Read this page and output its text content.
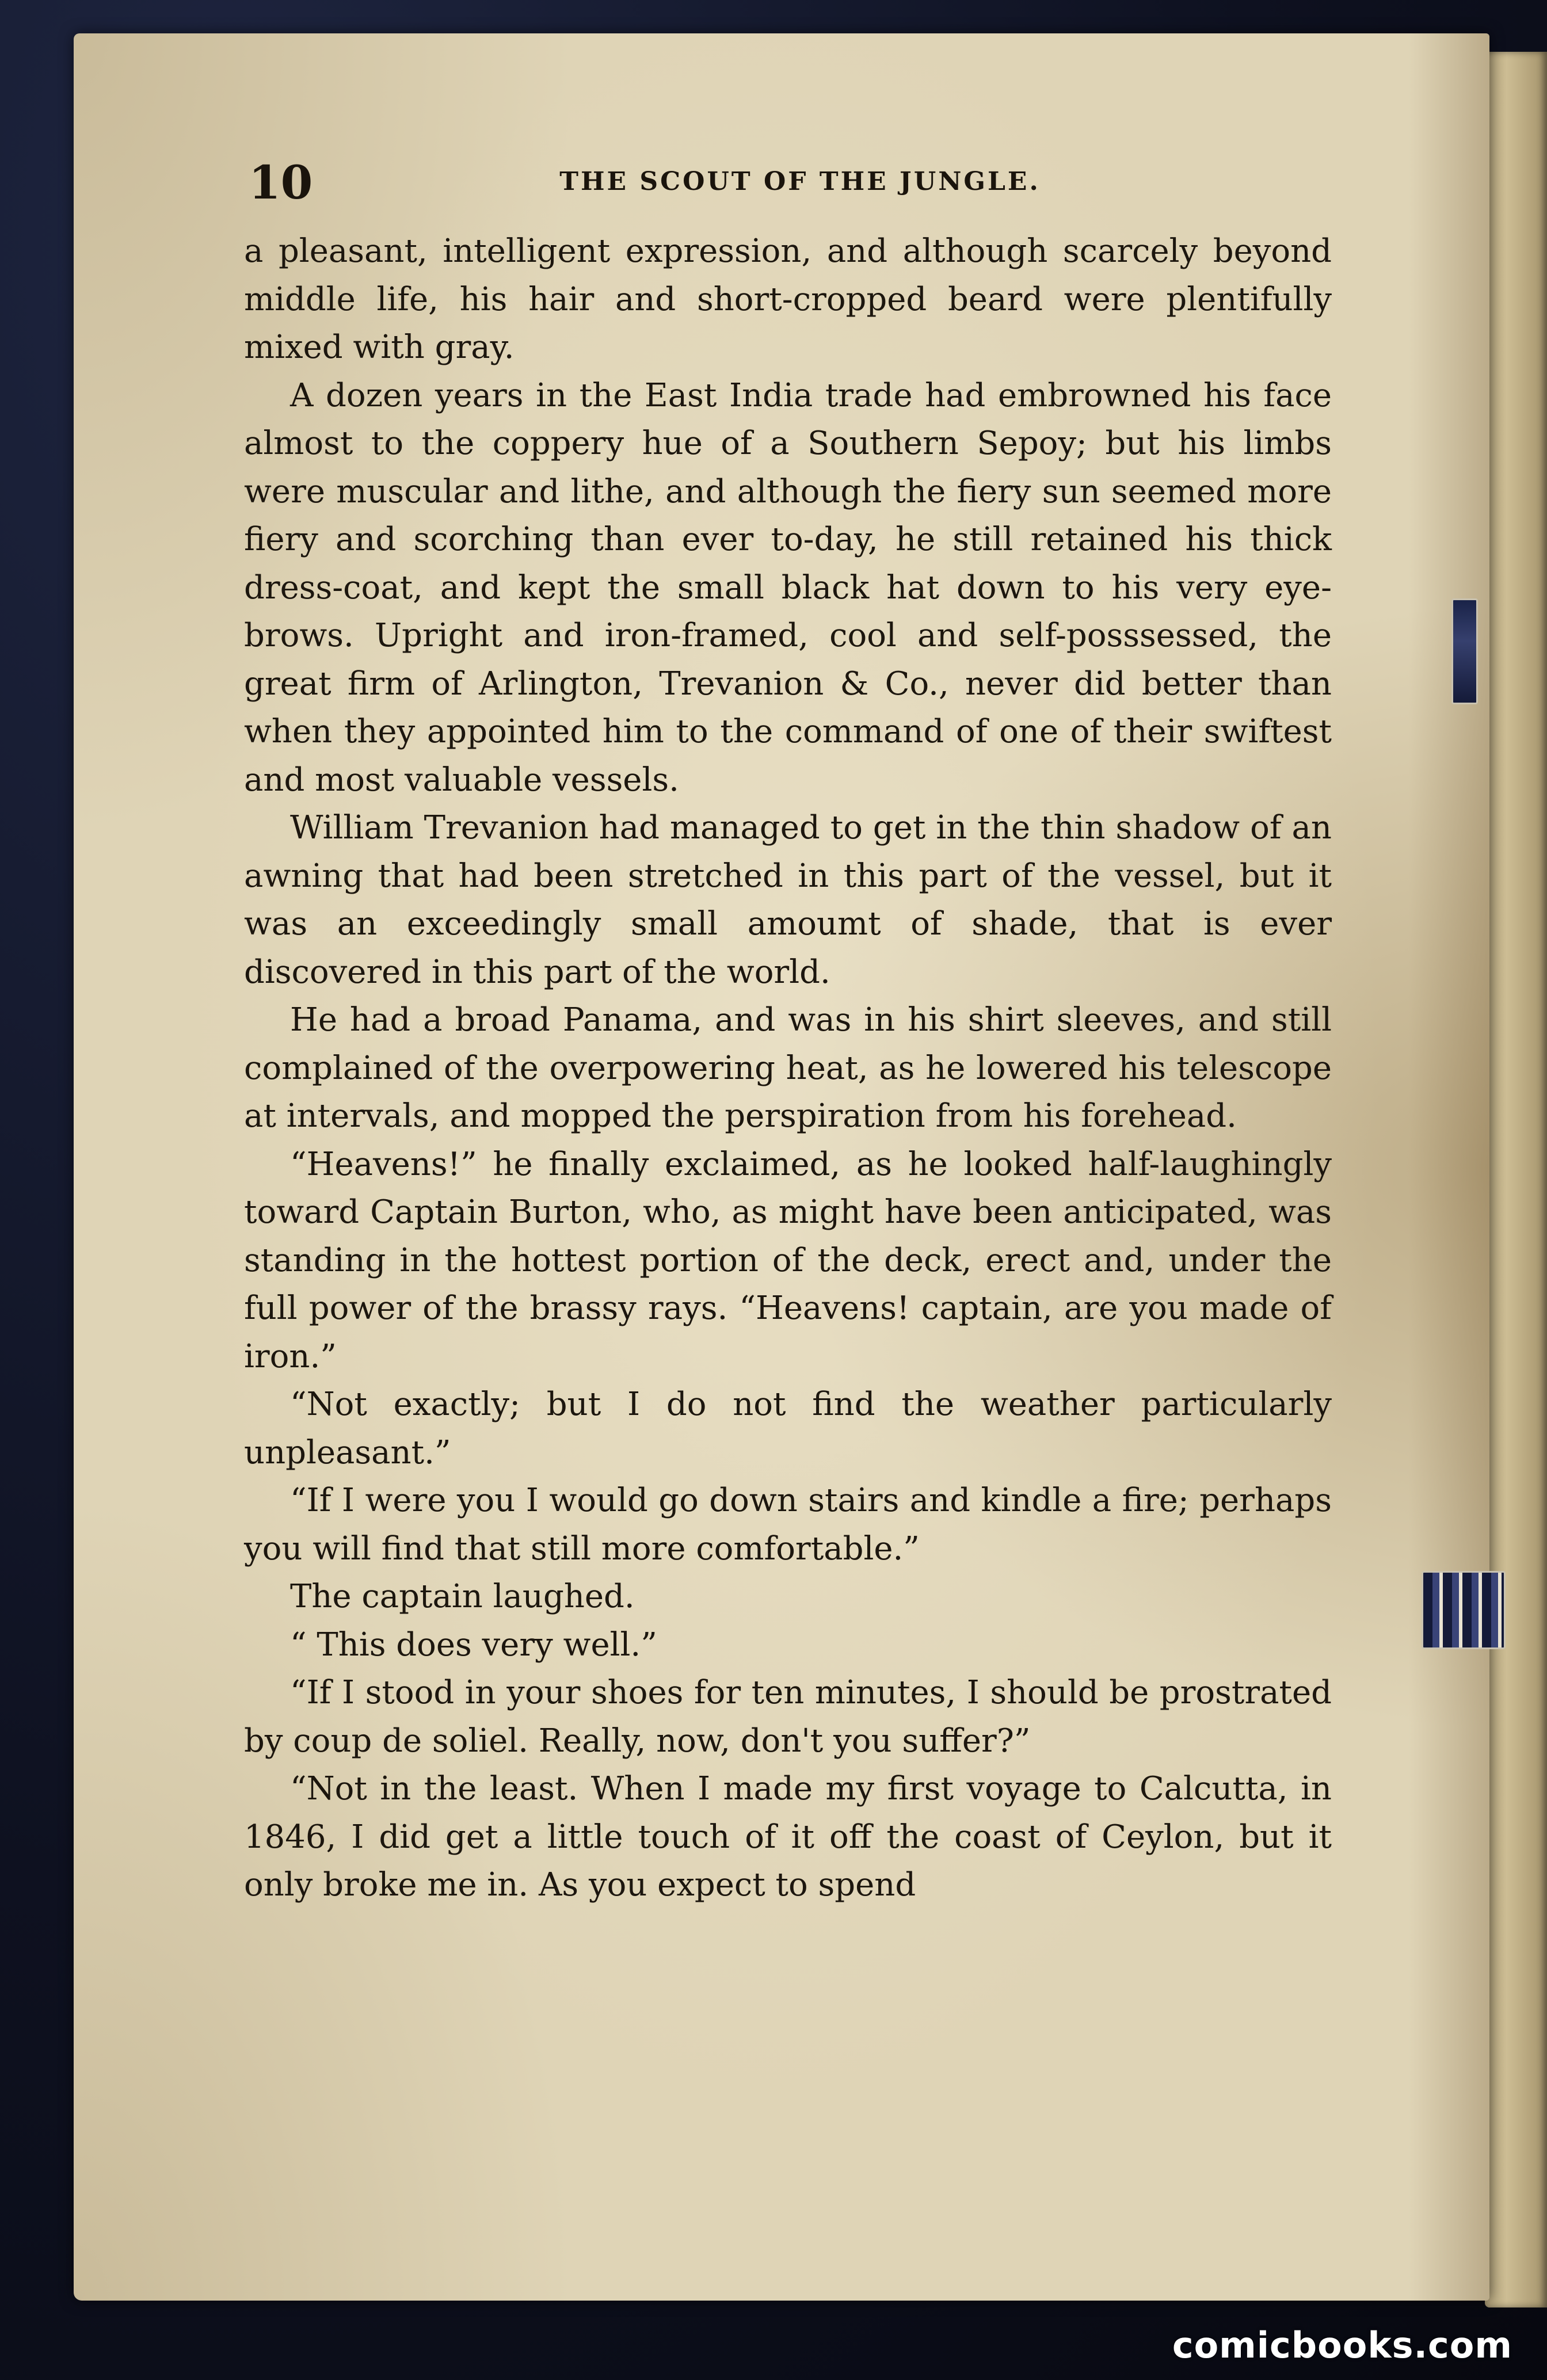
10	THE SCOUT OF THE JUNGLE.

a pleasant, intelligent expression, and although scarcely beyond middle life, his hair and short-cropped beard were plentifully mixed with gray.

A dozen years in the East India trade had embrowned his face almost to the coppery hue of a Southern Sepoy; but his limbs were muscular and lithe, and although the fiery sun seemed more fiery and scorching than ever to-day, he still retained his thick dress-coat, and kept the small black hat down to his very eye-brows. Upright and iron-framed, cool and self-posssessed, the great firm of Arlington, Trevanion & Co., never did better than when they appointed him to the command of one of their swiftest and most valuable vessels.

William Trevanion had managed to get in the thin shadow of an awning that had been stretched in this part of the vessel, but it was an exceedingly small amoumt of shade, that is ever discovered in this part of the world.

He had a broad Panama, and was in his shirt sleeves, and still complained of the overpowering heat, as he lowered his telescope at intervals, and mopped the perspiration from his forehead.

“Heavens!” he finally exclaimed, as he looked half-laughingly toward Captain Burton, who, as might have been anticipated, was standing in the hottest portion of the deck, erect and, under the full power of the brassy rays. “Heavens! captain, are you made of iron.”

“Not exactly; but I do not find the weather particularly unpleasant.”

“If I were you I would go down stairs and kindle a fire; perhaps you will find that still more comfortable.”

The captain laughed.

“ This does very well.”

“If I stood in your shoes for ten minutes, I should be prostrated by coup de soliel. Really, now, don't you suffer?”

“Not in the least. When I made my first voyage to Calcutta, in 1846, I did get a little touch of it off the coast of Ceylon, but it only broke me in. As you expect to spend

comicbooks.com
